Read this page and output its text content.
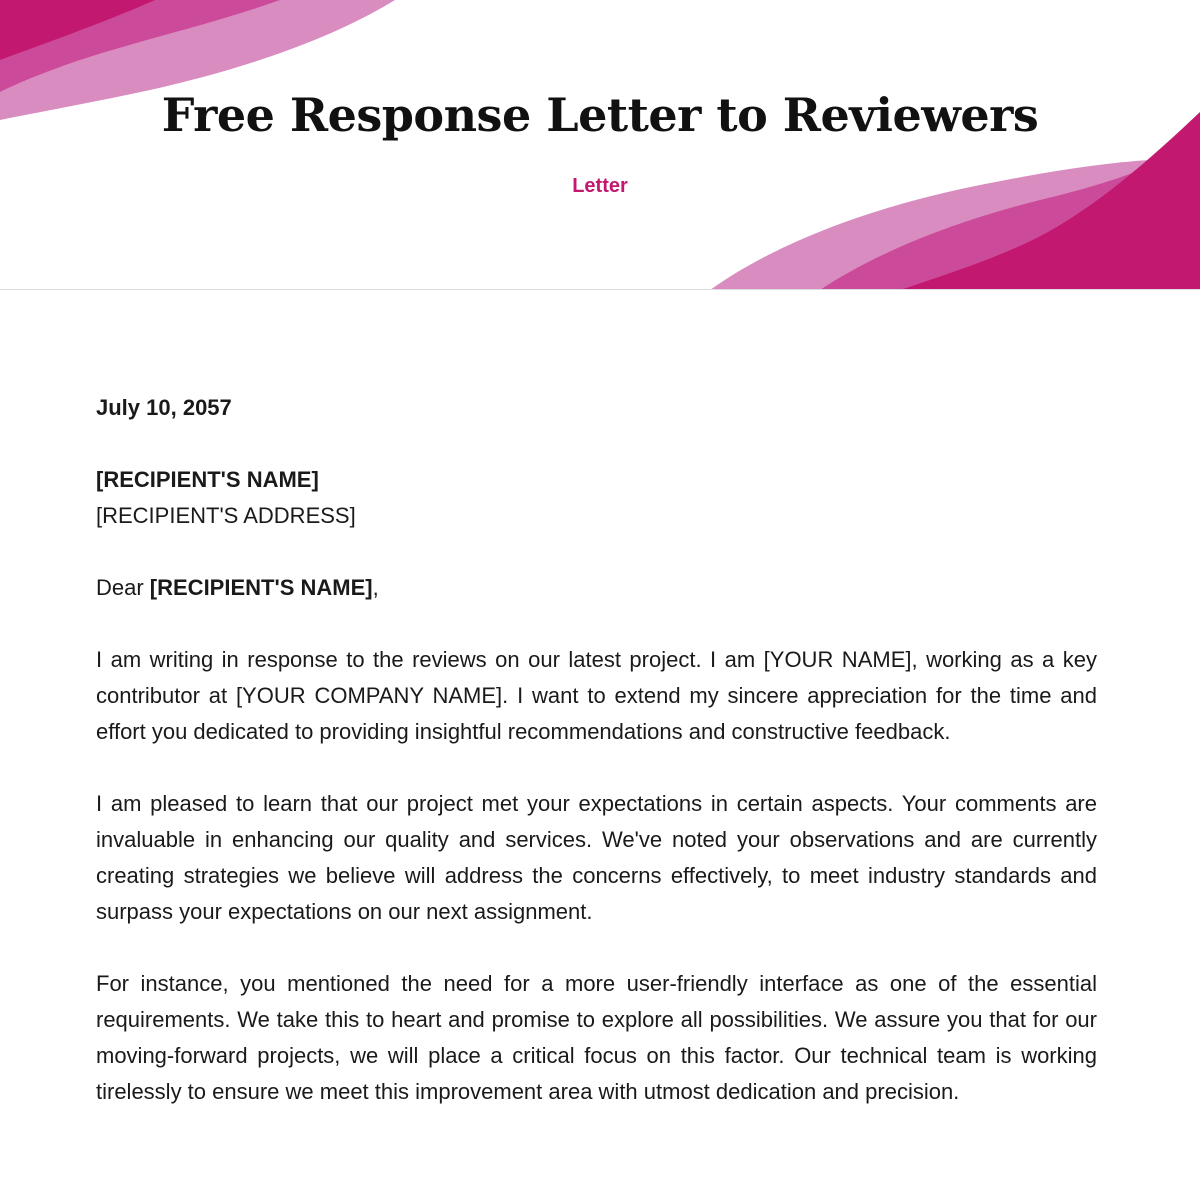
Free Response Letter to Reviewers

Letter

July 10, 2057

[RECIPIENT'S NAME]

[RECIPIENT'S ADDRESS]

Dear [RECIPIENT'S NAME],

I am writing in response to the reviews on our latest project. I am [YOUR NAME], working as a key contributor at [YOUR COMPANY NAME]. I want to extend my sincere appreciation for the time and effort you dedicated to providing insightful recommendations and constructive feedback.

I am pleased to learn that our project met your expectations in certain aspects. Your comments are invaluable in enhancing our quality and services. We've noted your observations and are currently creating strategies we believe will address the concerns effectively, to meet industry standards and surpass your expectations on our next assignment.

For instance, you mentioned the need for a more user-friendly interface as one of the essential requirements. We take this to heart and promise to explore all possibilities. We assure you that for our moving-forward projects, we will place a critical focus on this factor. Our technical team is working tirelessly to ensure we meet this improvement area with utmost dedication and precision.
